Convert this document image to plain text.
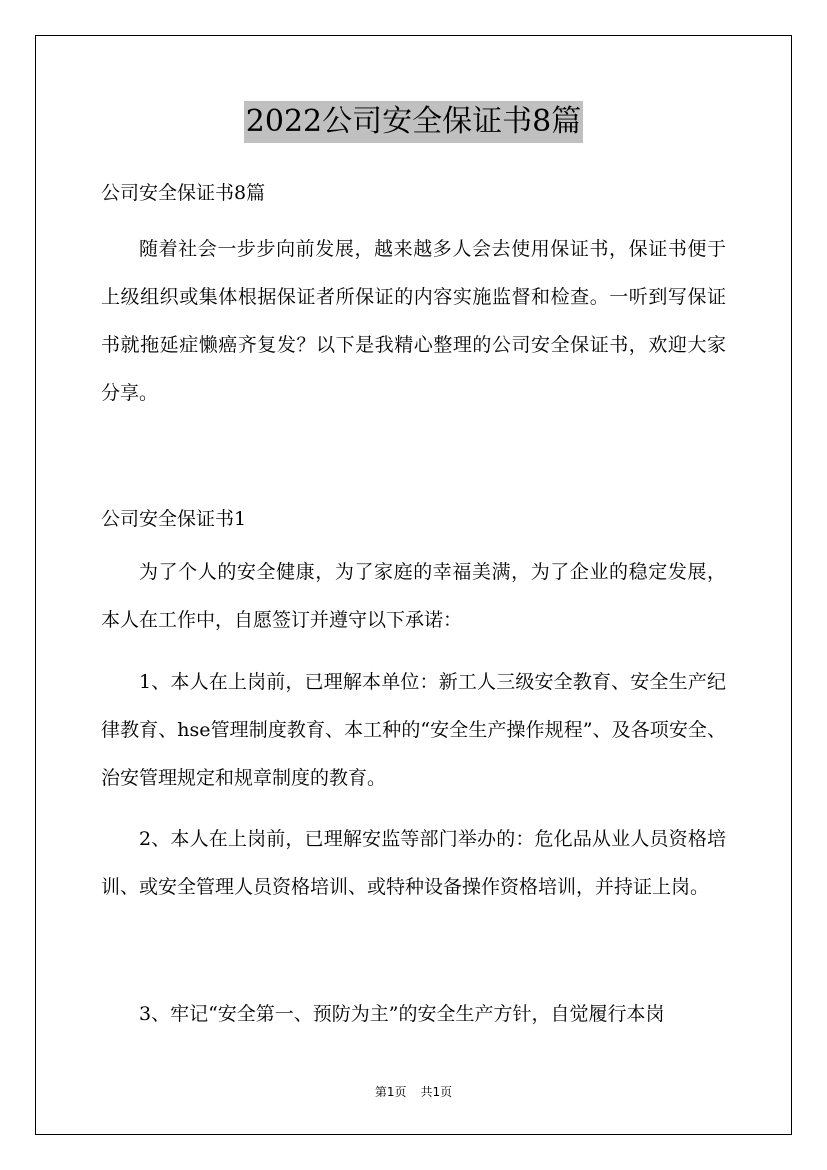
2022公司安全保证书8篇
公司安全保证书8篇

随着社会一步步向前发展，越来越多人会去使用保证书，保证书便于上级组织或集体根据保证者所保证的内容实施监督和检查。一听到写保证书就拖延症懒癌齐复发？以下是我精心整理的公司安全保证书，欢迎大家分享。

公司安全保证书1

为了个人的安全健康，为了家庭的幸福美满，为了企业的稳定发展，本人在工作中，自愿签订并遵守以下承诺：

1、本人在上岗前，已理解本单位：新工人三级安全教育、安全生产纪律教育、hse管理制度教育、本工种的“安全生产操作规程”、及各项安全、治安管理规定和规章制度的教育。

2、本人在上岗前，已理解安监等部门举办的：危化品从业人员资格培训、或安全管理人员资格培训、或特种设备操作资格培训，并持证上岗。

3、牢记“安全第一、预防为主”的安全生产方针，自觉履行本岗

第1页 共1页
